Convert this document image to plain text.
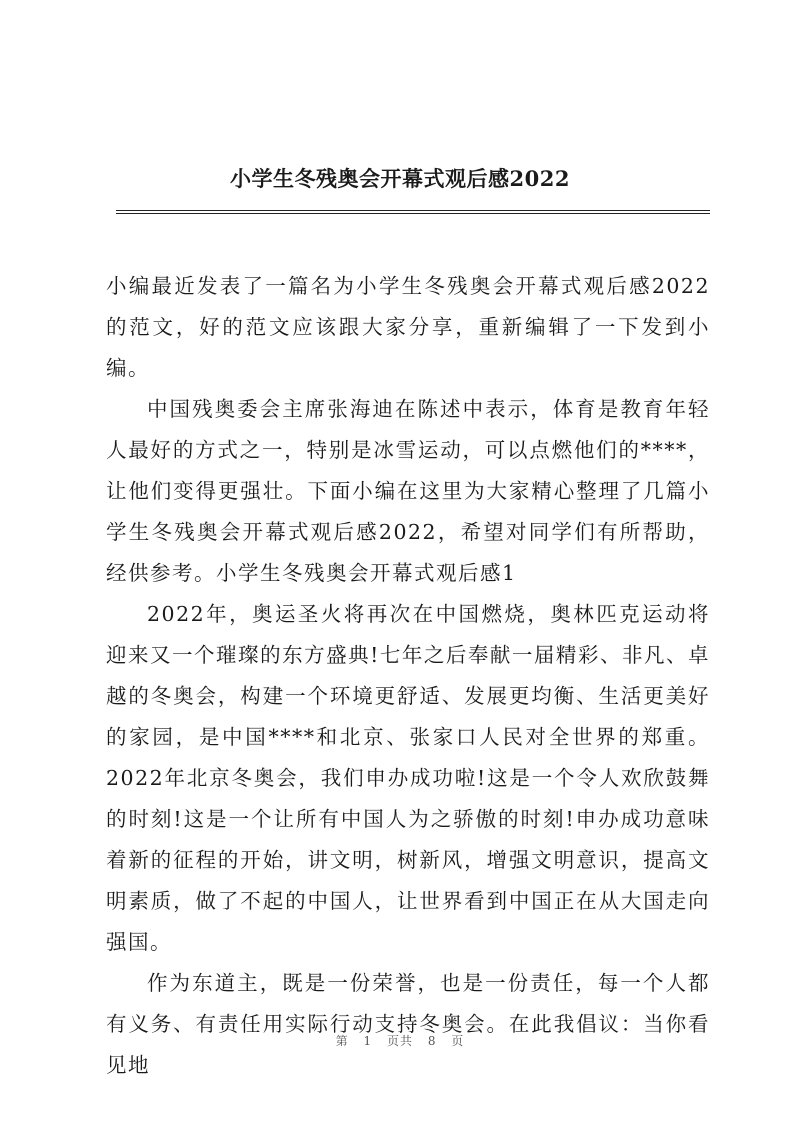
小学生冬残奥会开幕式观后感2022

小编最近发表了一篇名为小学生冬残奥会开幕式观后感2022的范文，好的范文应该跟大家分享，重新编辑了一下发到小编。

中国残奥委会主席张海迪在陈述中表示，体育是教育年轻人最好的方式之一，特别是冰雪运动，可以点燃他们的****，让他们变得更强壮。下面小编在这里为大家精心整理了几篇小学生冬残奥会开幕式观后感2022，希望对同学们有所帮助，经供参考。小学生冬残奥会开幕式观后感1

2022年，奥运圣火将再次在中国燃烧，奥林匹克运动将迎来又一个璀璨的东方盛典!七年之后奉献一届精彩、非凡、卓越的冬奥会，构建一个环境更舒适、发展更均衡、生活更美好的家园，是中国****和北京、张家口人民对全世界的郑重。2022年北京冬奥会，我们申办成功啦!这是一个令人欢欣鼓舞的时刻!这是一个让所有中国人为之骄傲的时刻!申办成功意味着新的征程的开始，讲文明，树新风，增强文明意识，提高文明素质，做了不起的中国人，让世界看到中国正在从大国走向强国。

作为东道主，既是一份荣誉，也是一份责任，每一个人都有义务、有责任用实际行动支持冬奥会。在此我倡议：当你看见地

第 1 页共 8 页
